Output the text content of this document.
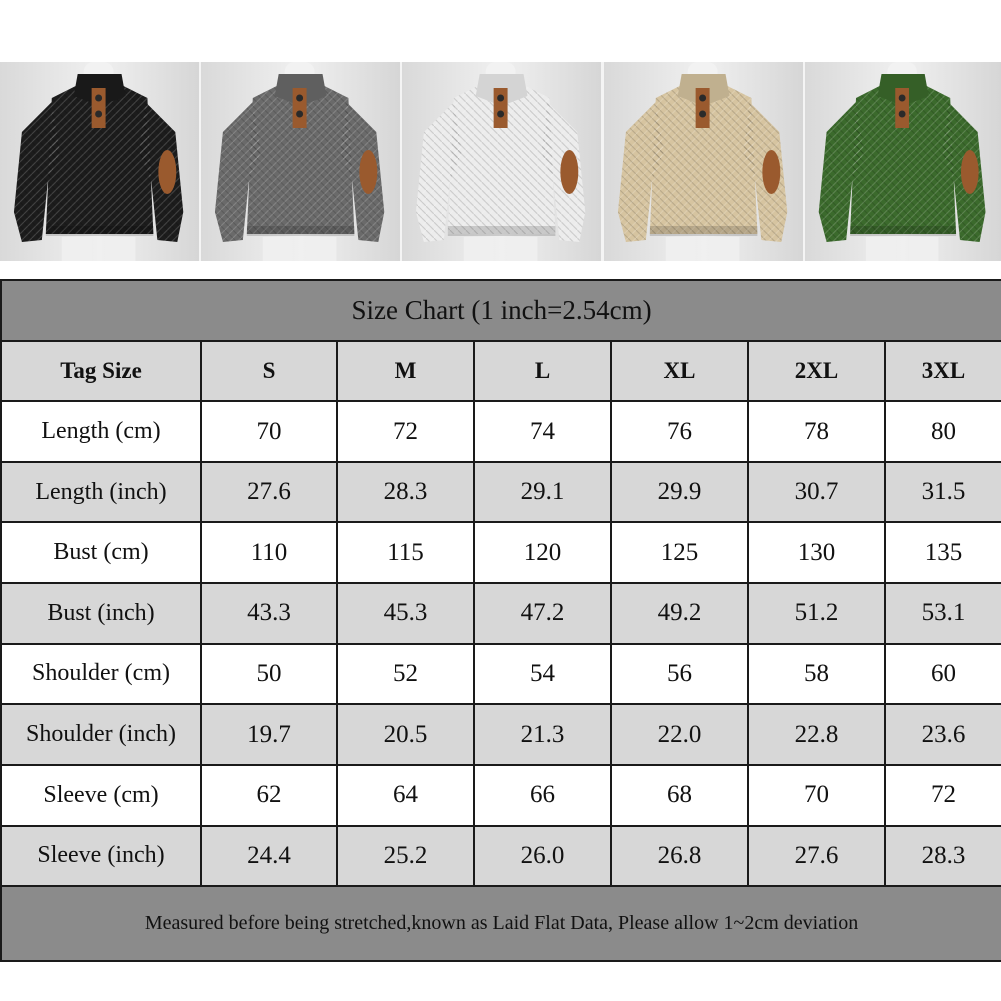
Size Chart (1 inch=2.54cm)						
Tag Size	S	M	L	XL	2XL	3XL
Length (cm)	70	72	74	76	78	80
Length (inch)	27.6	28.3	29.1	29.9	30.7	31.5
Bust (cm)	110	115	120	125	130	135
Bust (inch)	43.3	45.3	47.2	49.2	51.2	53.1
Shoulder (cm)	50	52	54	56	58	60
Shoulder (inch)	19.7	20.5	21.3	22.0	22.8	23.6
Sleeve (cm)	62	64	66	68	70	72
Sleeve (inch)	24.4	25.2	26.0	26.8	27.6	28.3
Measured before being stretched,known as Laid Flat Data, Please allow 1~2cm deviation						
